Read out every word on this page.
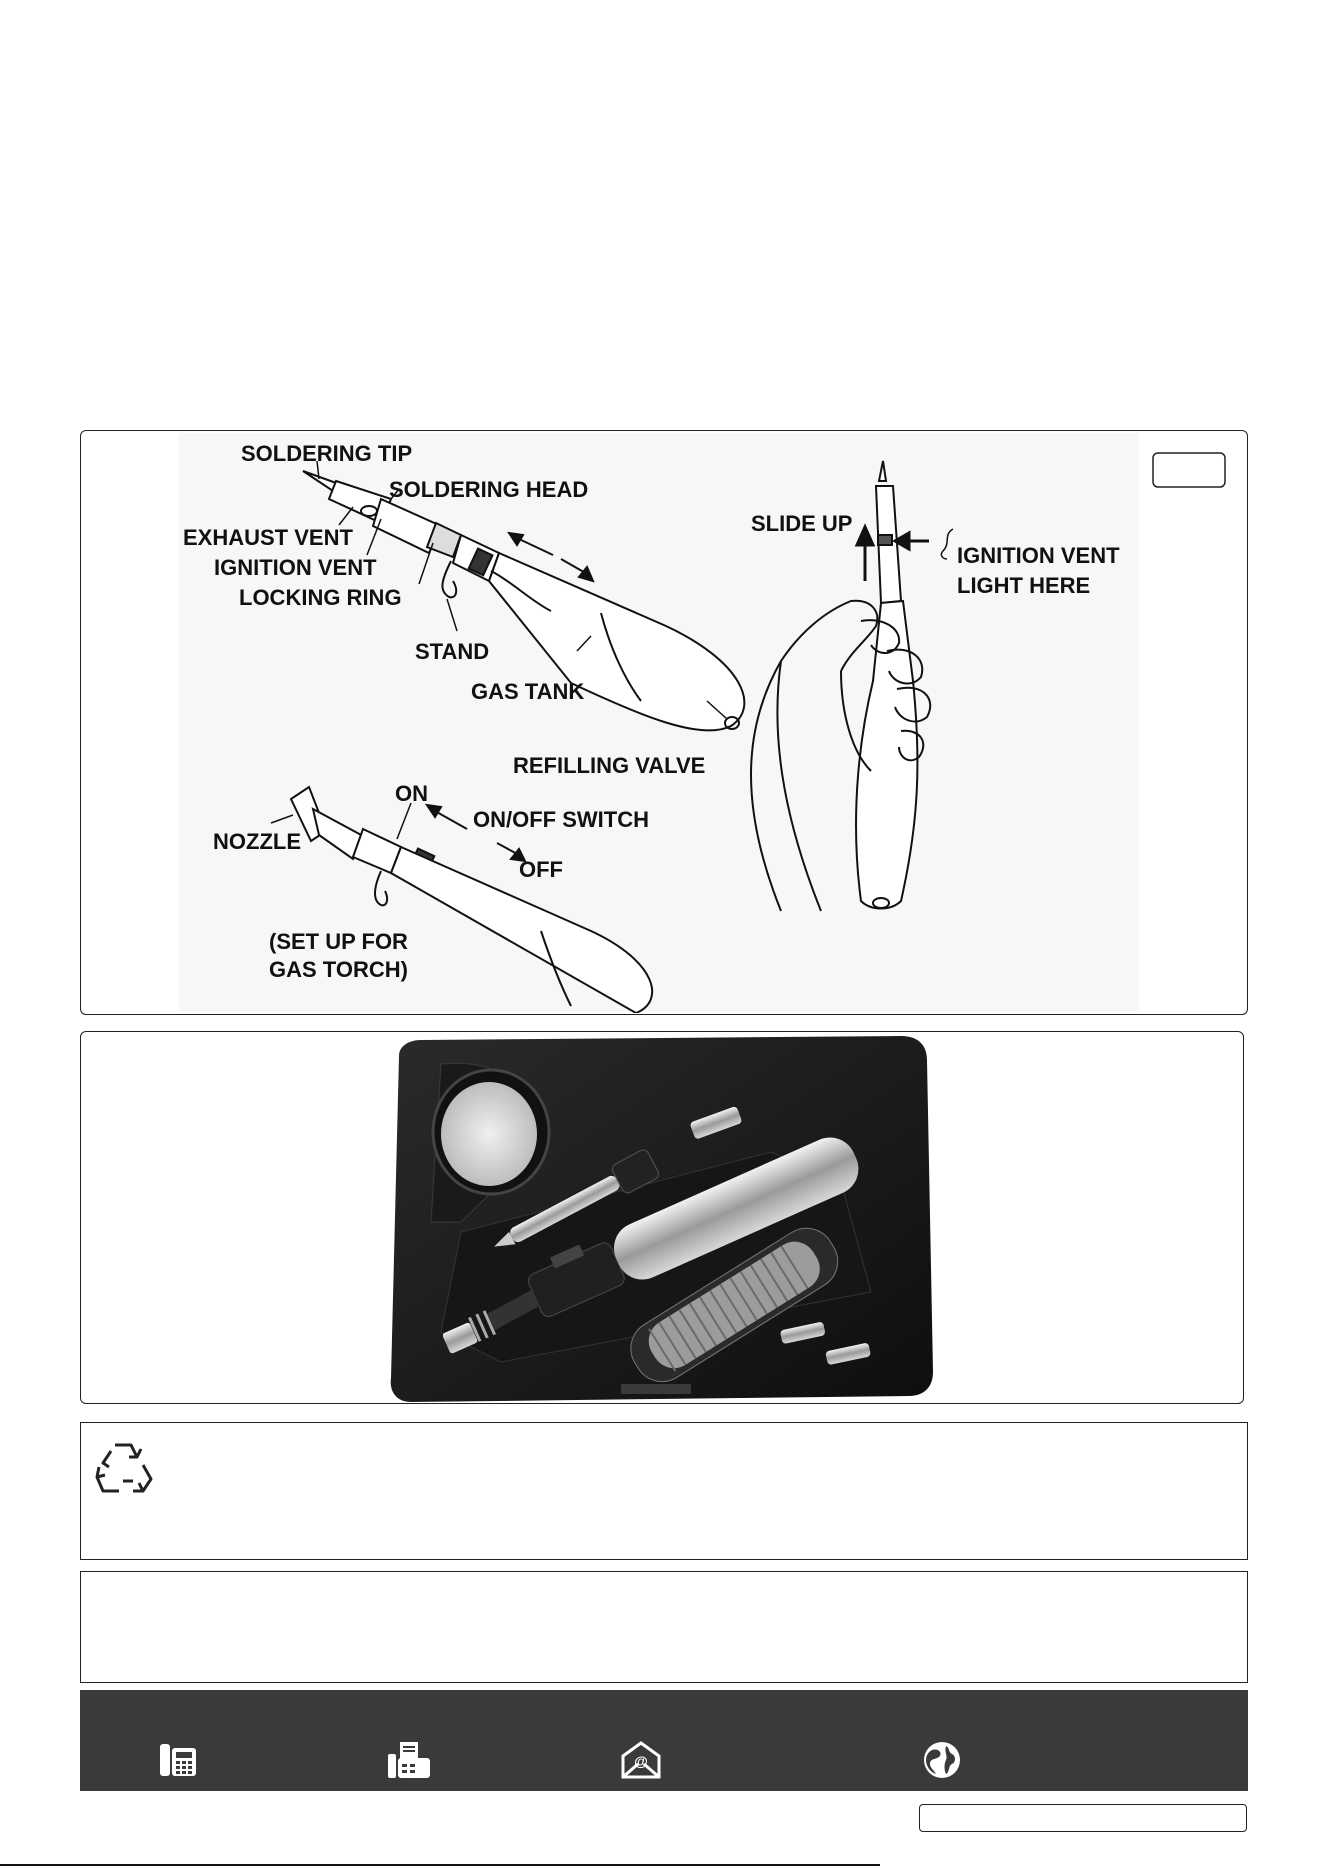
SOLDERING TIP
SOLDERING HEAD
EXHAUST VENT
IGNITION VENT
LOCKING RING
STAND
GAS TANK
REFILLING VALVE
ON
ON/OFF SWITCH
NOZZLE
OFF
(SET UP FOR
GAS TORCH)
SLIDE UP
IGNITION VENT
LIGHT HERE
@
